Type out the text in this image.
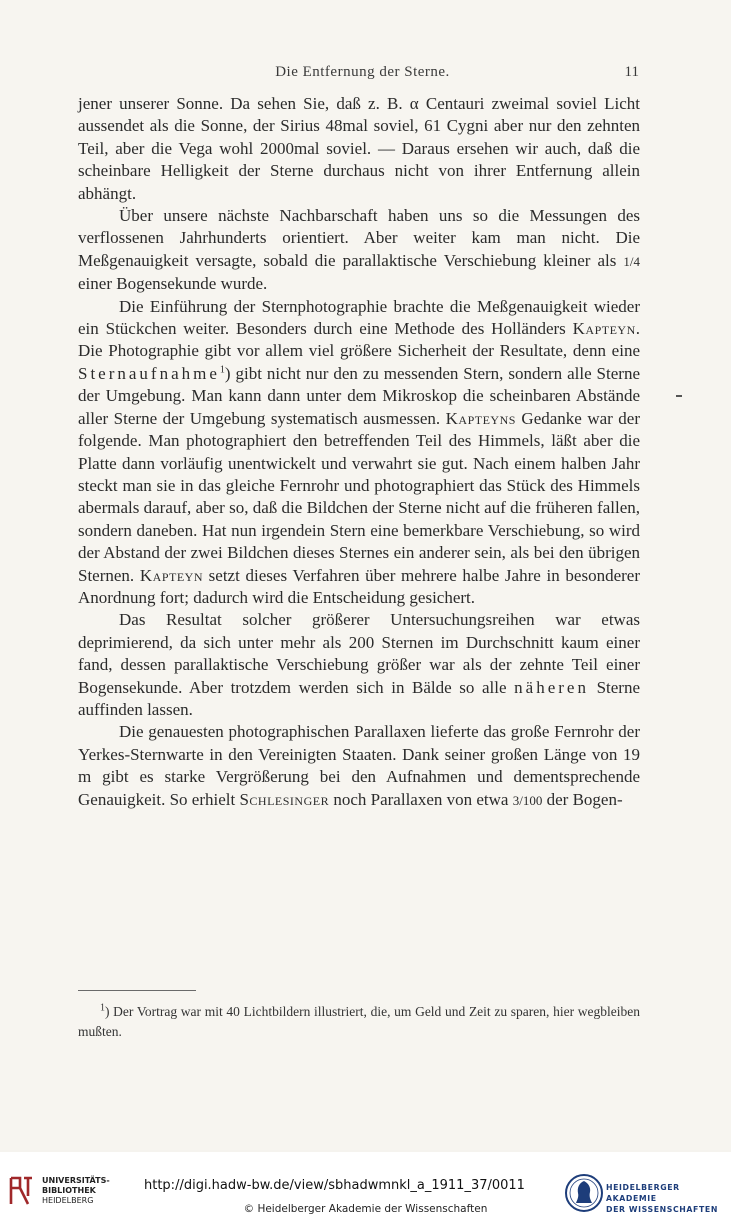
Die Entfernung der Sterne.	11

jener unserer Sonne. Da sehen Sie, daß z. B. α Centauri zweimal soviel Licht aussendet als die Sonne, der Sirius 48mal soviel, 61 Cygni aber nur den zehnten Teil, aber die Vega wohl 2000mal soviel. — Daraus ersehen wir auch, daß die scheinbare Helligkeit der Sterne durchaus nicht von ihrer Entfernung allein abhängt.

Über unsere nächste Nachbarschaft haben uns so die Messungen des verflossenen Jahrhunderts orientiert. Aber weiter kam man nicht. Die Meßgenauigkeit versagte, sobald die parallaktische Verschiebung kleiner als 1/4 einer Bogensekunde wurde.

Die Einführung der Sternphotographie brachte die Meßgenauigkeit wieder ein Stückchen weiter. Besonders durch eine Methode des Holländers Kapteyn. Die Photographie gibt vor allem viel größere Sicherheit der Resultate, denn eine Sternaufnahme$^1$) gibt nicht nur den zu messenden Stern, sondern alle Sterne der Umgebung. Man kann dann unter dem Mikroskop die scheinbaren Abstände aller Sterne der Umgebung systematisch ausmessen. Kapteyns Gedanke war der folgende. Man photographiert den betreffenden Teil des Himmels, läßt aber die Platte dann vorläufig unentwickelt und verwahrt sie gut. Nach einem halben Jahr steckt man sie in das gleiche Fernrohr und photographiert das Stück des Himmels abermals darauf, aber so, daß die Bildchen der Sterne nicht auf die früheren fallen, sondern daneben. Hat nun irgendein Stern eine bemerkbare Verschiebung, so wird der Abstand der zwei Bildchen dieses Sternes ein anderer sein, als bei den übrigen Sternen. Kapteyn setzt dieses Verfahren über mehrere halbe Jahre in besonderer Anordnung fort; dadurch wird die Entscheidung gesichert.

Das Resultat solcher größerer Untersuchungsreihen war etwas deprimierend, da sich unter mehr als 200 Sternen im Durchschnitt kaum einer fand, dessen parallaktische Verschiebung größer war als der zehnte Teil einer Bogensekunde. Aber trotzdem werden sich in Bälde so alle näheren Sterne auffinden lassen.

Die genauesten photographischen Parallaxen lieferte das große Fernrohr der Yerkes-Sternwarte in den Vereinigten Staaten. Dank seiner großen Länge von 19 m gibt es starke Vergrößerung bei den Aufnahmen und dementsprechende Genauigkeit. So erhielt Schlesinger noch Parallaxen von etwa 3/100 der Bogen-

$^1$) Der Vortrag war mit 40 Lichtbildern illustriert, die, um Geld und Zeit zu sparen, hier wegbleiben mußten.
UNIVERSITÄTS-
BIBLIOTHEK
HEIDELBERG
http://digi.hadw-bw.de/view/sbhadwmnkl_a_1911_37/0011
© Heidelberger Akademie der Wissenschaften
HEIDELBERGER AKADEMIE
DER WISSENSCHAFTEN
